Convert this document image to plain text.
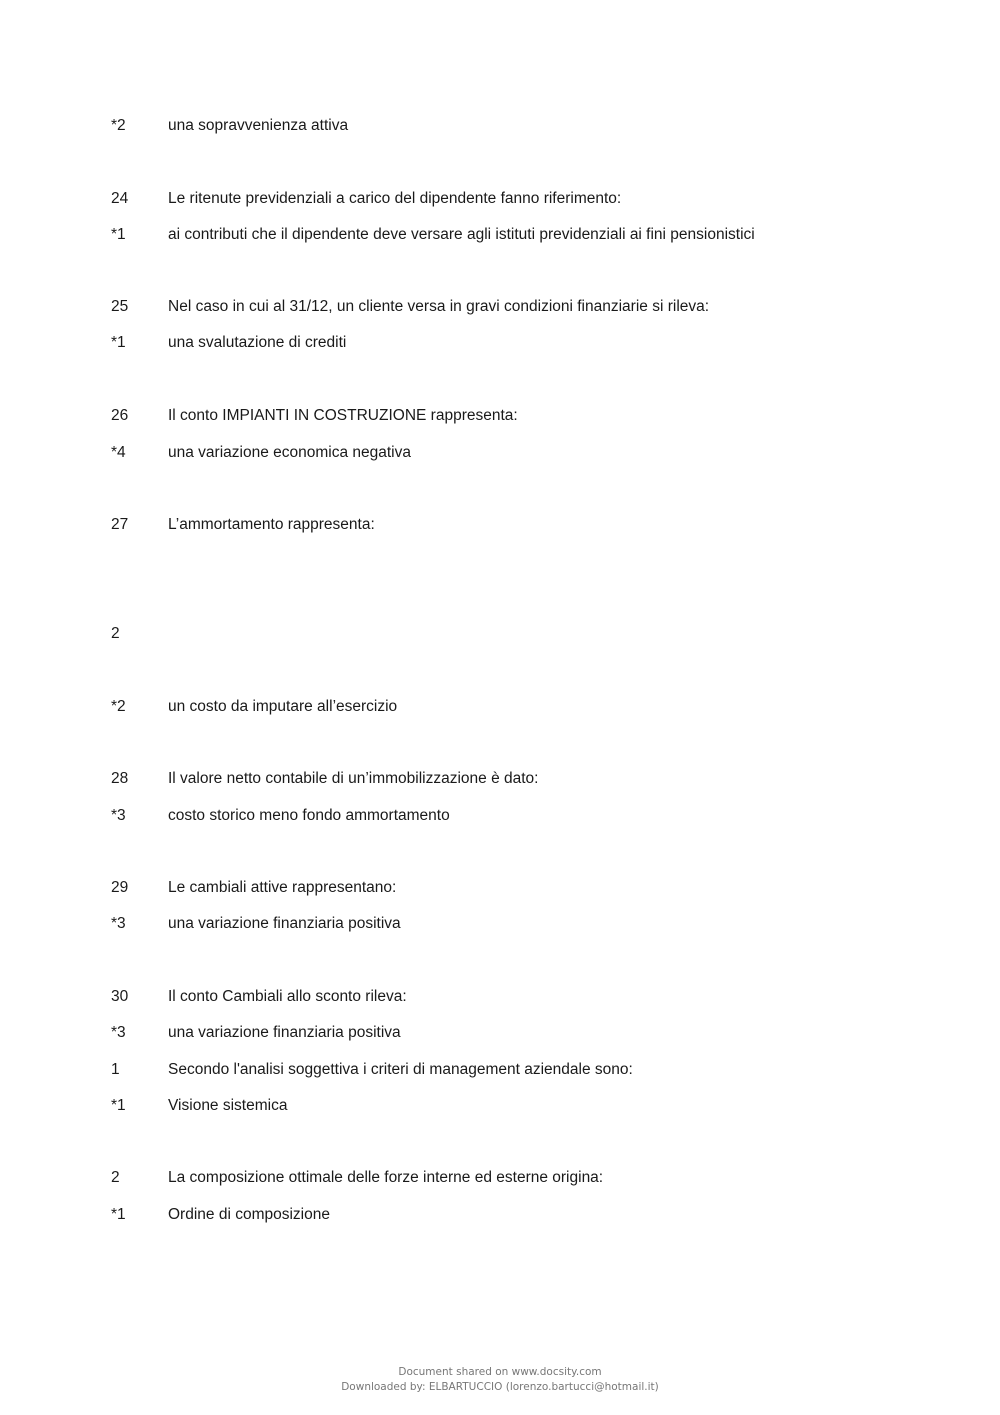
*2	una sopravvenienza attiva
24	Le ritenute previdenziali a carico del dipendente fanno riferimento:
*1	ai contributi che il dipendente deve versare agli istituti previdenziali ai fini pensionistici
25	Nel caso in cui al 31/12, un cliente versa in gravi condizioni finanziarie si rileva:
*1	una svalutazione di crediti
26	Il conto IMPIANTI IN COSTRUZIONE rappresenta:
*4	una variazione economica negativa
27	L’ammortamento rappresenta:
2
*2	un costo da imputare all’esercizio
28	Il valore netto contabile di un’immobilizzazione è dato:
*3	costo storico meno fondo ammortamento
29	Le cambiali attive rappresentano:
*3	una variazione finanziaria positiva
30	Il conto Cambiali allo sconto rileva:
*3	una variazione finanziaria positiva
1	Secondo l'analisi soggettiva i criteri di management aziendale sono:
*1	Visione sistemica
2	La composizione ottimale delle forze interne ed esterne origina:
*1	Ordine di composizione
Document shared on www.docsity.com
Downloaded by: ELBARTUCCIO (lorenzo.bartucci@hotmail.it)
